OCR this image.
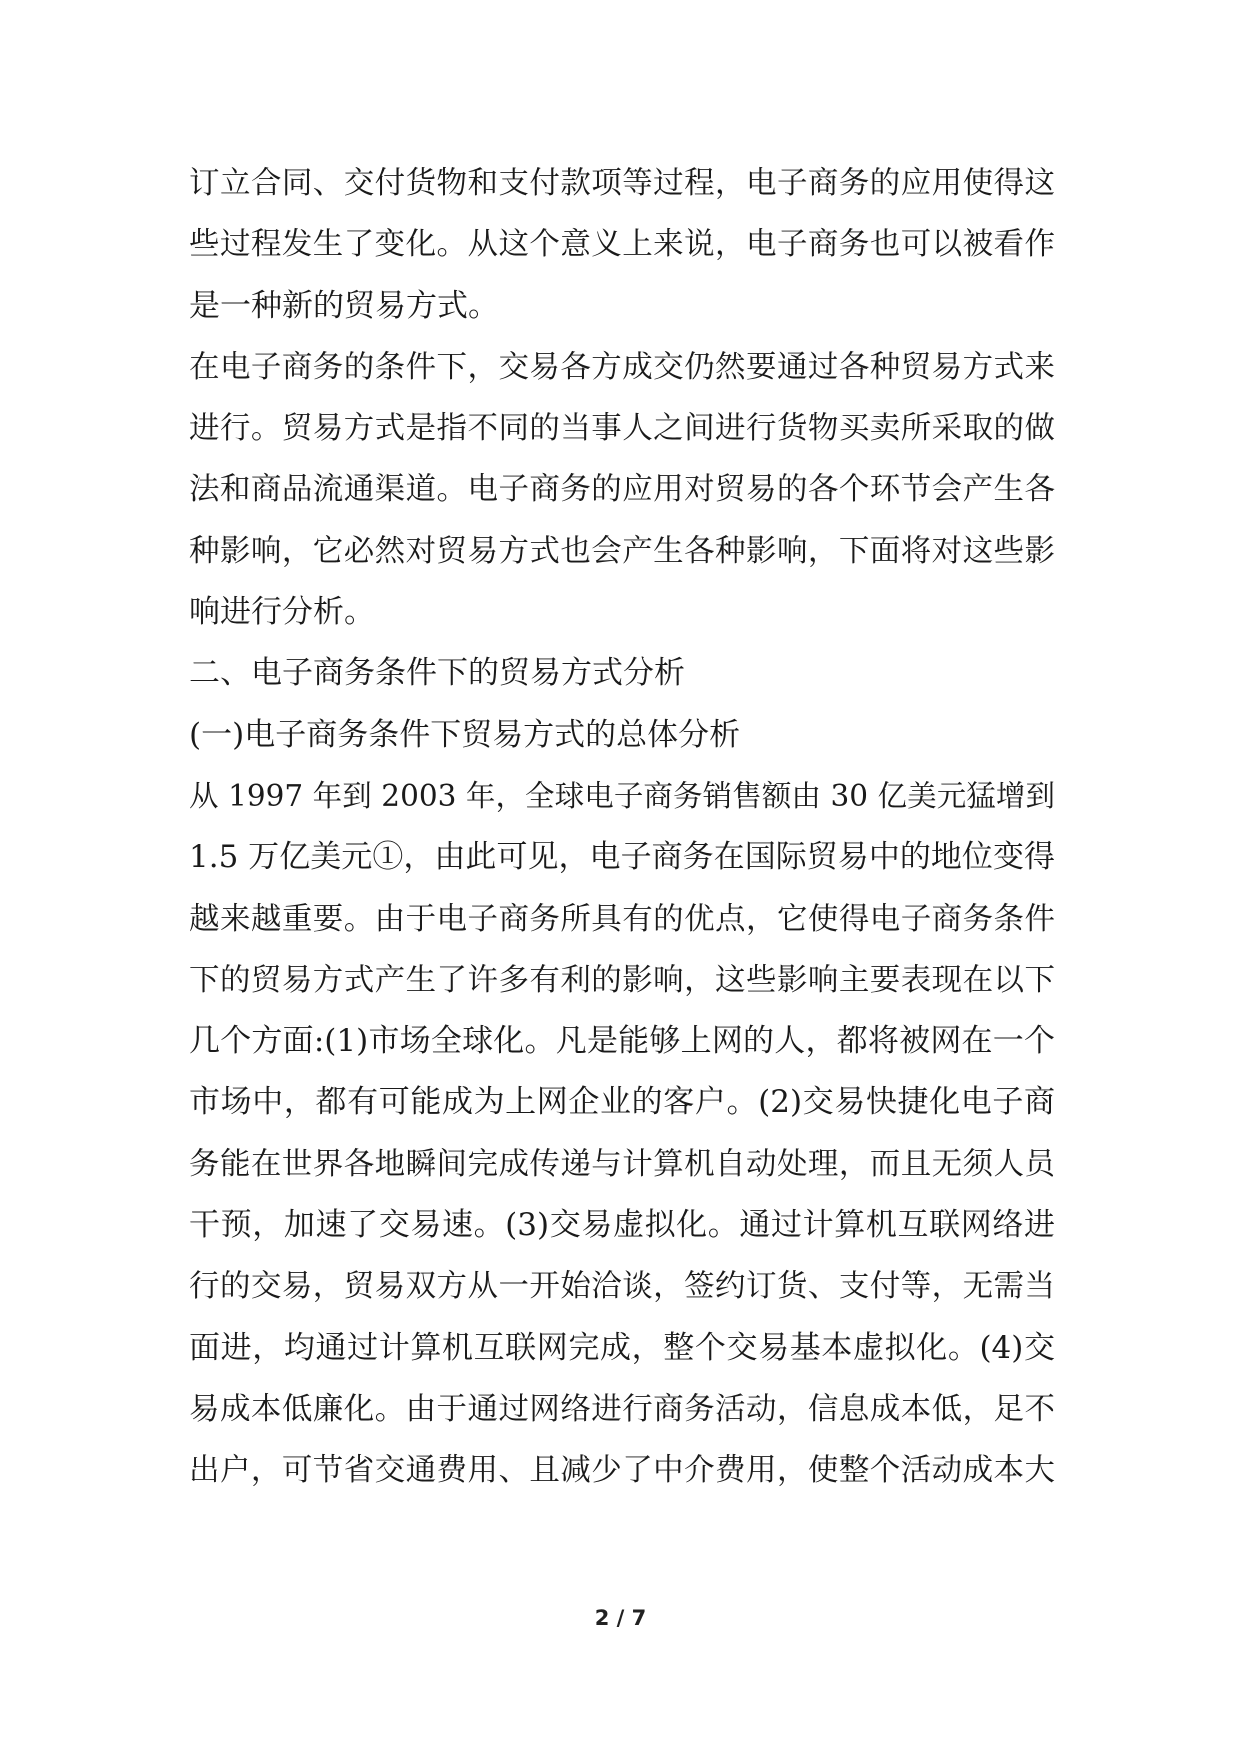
订立合同、交付货物和支付款项等过程，电子商务的应用使得这
些过程发生了变化。从这个意义上来说，电子商务也可以被看作
是一种新的贸易方式。
在电子商务的条件下，交易各方成交仍然要通过各种贸易方式来
进行。贸易方式是指不同的当事人之间进行货物买卖所采取的做
法和商品流通渠道。电子商务的应用对贸易的各个环节会产生各
种影响，它必然对贸易方式也会产生各种影响，下面将对这些影
响进行分析。
二、电子商务条件下的贸易方式分析
(一)电子商务条件下贸易方式的总体分析
从 1997 年到 2003 年，全球电子商务销售额由 30 亿美元猛增到
1.5 万亿美元①，由此可见，电子商务在国际贸易中的地位变得
越来越重要。由于电子商务所具有的优点，它使得电子商务条件
下的贸易方式产生了许多有利的影响，这些影响主要表现在以下
几个方面:(1)市场全球化。凡是能够上网的人，都将被网在一个
市场中，都有可能成为上网企业的客户。(2)交易快捷化电子商
务能在世界各地瞬间完成传递与计算机自动处理，而且无须人员
干预，加速了交易速。(3)交易虚拟化。通过计算机互联网络进
行的交易，贸易双方从一开始洽谈，签约订货、支付等，无需当
面进，均通过计算机互联网完成，整个交易基本虚拟化。(4)交
易成本低廉化。由于通过网络进行商务活动，信息成本低，足不
出户，可节省交通费用、且减少了中介费用，使整个活动成本大
2 / 7
